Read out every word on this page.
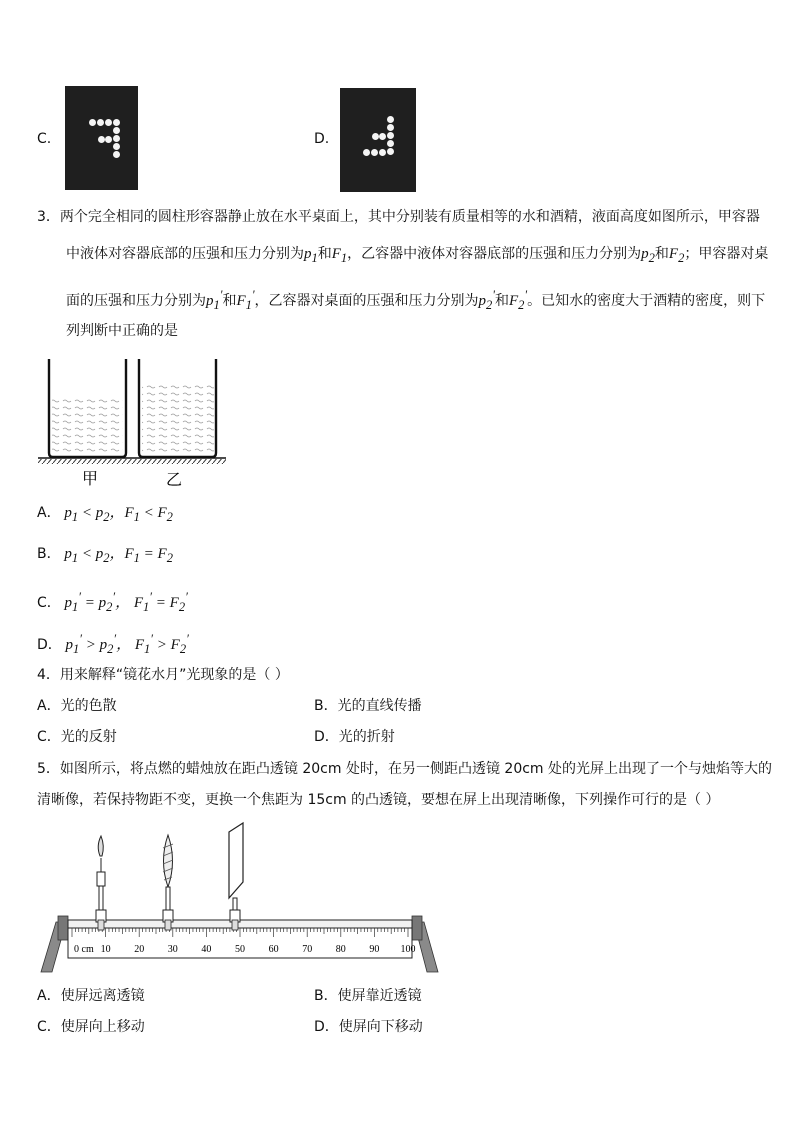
C.	D.
3．两个完全相同的圆柱形容器静止放在水平桌面上，其中分别装有质量相等的水和酒精，液面高度如图所示，甲容器
中液体对容器底部的压强和压力分别为$p_1$和$F_1$，乙容器中液体对容器底部的压强和压力分别为$p_2$和$F_2$；甲容器对桌
面的压强和压力分别为$p_1'$和$F_1'$，乙容器对桌面的压强和压力分别为$p_2'$和$F_2'$。已知水的密度大于酒精的密度，则下
列判断中正确的是
甲	乙
A． $p_1 < p_2$，$F_1 < F_2$
B． $p_1 < p_2$，$F_1 = F_2$
C． $p_1' = p_2'$， $F_1' = F_2'$
D． $p_1' > p_2'$， $F_1' > F_2'$
4．用来解释“镜花水月”光现象的是（ ）
A．光的色散	B．光的直线传播
C．光的反射	D．光的折射
5．如图所示，将点燃的蜡烛放在距凸透镜 20cm 处时，在另一侧距凸透镜 20cm 处的光屏上出现了一个与烛焰等大的
清晰像，若保持物距不变，更换一个焦距为 15cm 的凸透镜，要想在屏上出现清晰像，下列操作可行的是（ ）
0 cm 10 20 30 40 50 60 70 80 90 100
A．使屏远离透镜	B．使屏靠近透镜
C．使屏向上移动	D．使屏向下移动
